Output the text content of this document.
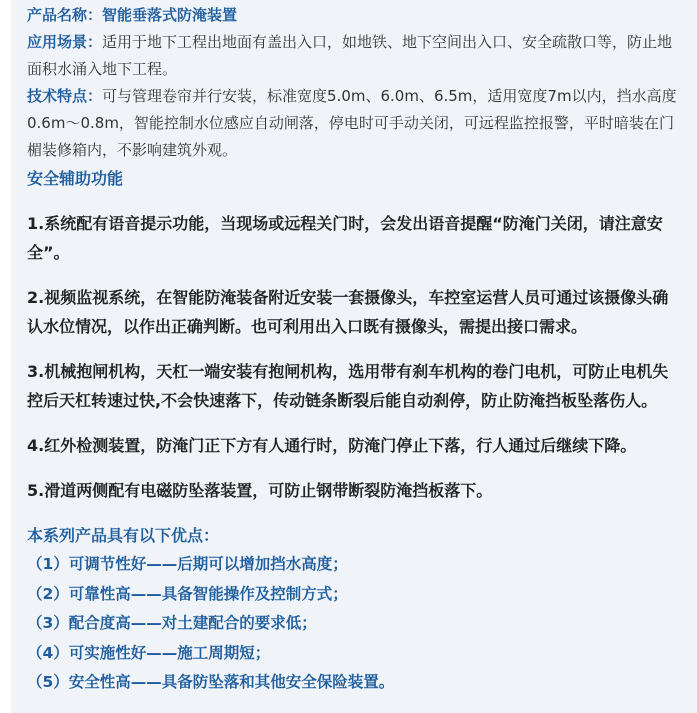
产品名称：智能垂落式防淹装置

应用场景：适用于地下工程出地面有盖出入口，如地铁、地下空间出入口、安全疏散口等，防止地面积水涌入地下工程。

技术特点：可与管理卷帘并行安装，标准宽度5.0m、6.0m、6.5m，适用宽度7m以内，挡水高度0.6m～0.8m，智能控制水位感应自动闸落，停电时可手动关闭，可远程监控报警，平时暗装在门楣装修箱内，不影响建筑外观。

安全辅助功能

1.系统配有语音提示功能，当现场或远程关门时，会发出语音提醒“防淹门关闭，请注意安全”。

2.视频监视系统，在智能防淹装备附近安装一套摄像头，车控室运营人员可通过该摄像头确认水位情况，以作出正确判断。也可利用出入口既有摄像头，需提出接口需求。

3.机械抱闸机构，天杠一端安装有抱闸机构，选用带有刹车机构的卷门电机，可防止电机失控后天杠转速过快,不会快速落下，传动链条断裂后能自动刹停，防止防淹挡板坠落伤人。

4.红外检测装置，防淹门正下方有人通行时，防淹门停止下落，行人通过后继续下降。

5.滑道两侧配有电磁防坠落装置，可防止钢带断裂防淹挡板落下。

本系列产品具有以下优点：

（1）可调节性好——后期可以增加挡水高度；

（2）可靠性高——具备智能操作及控制方式；

（3）配合度高——对土建配合的要求低；

（4）可实施性好——施工周期短；

（5）安全性高——具备防坠落和其他安全保险装置。
